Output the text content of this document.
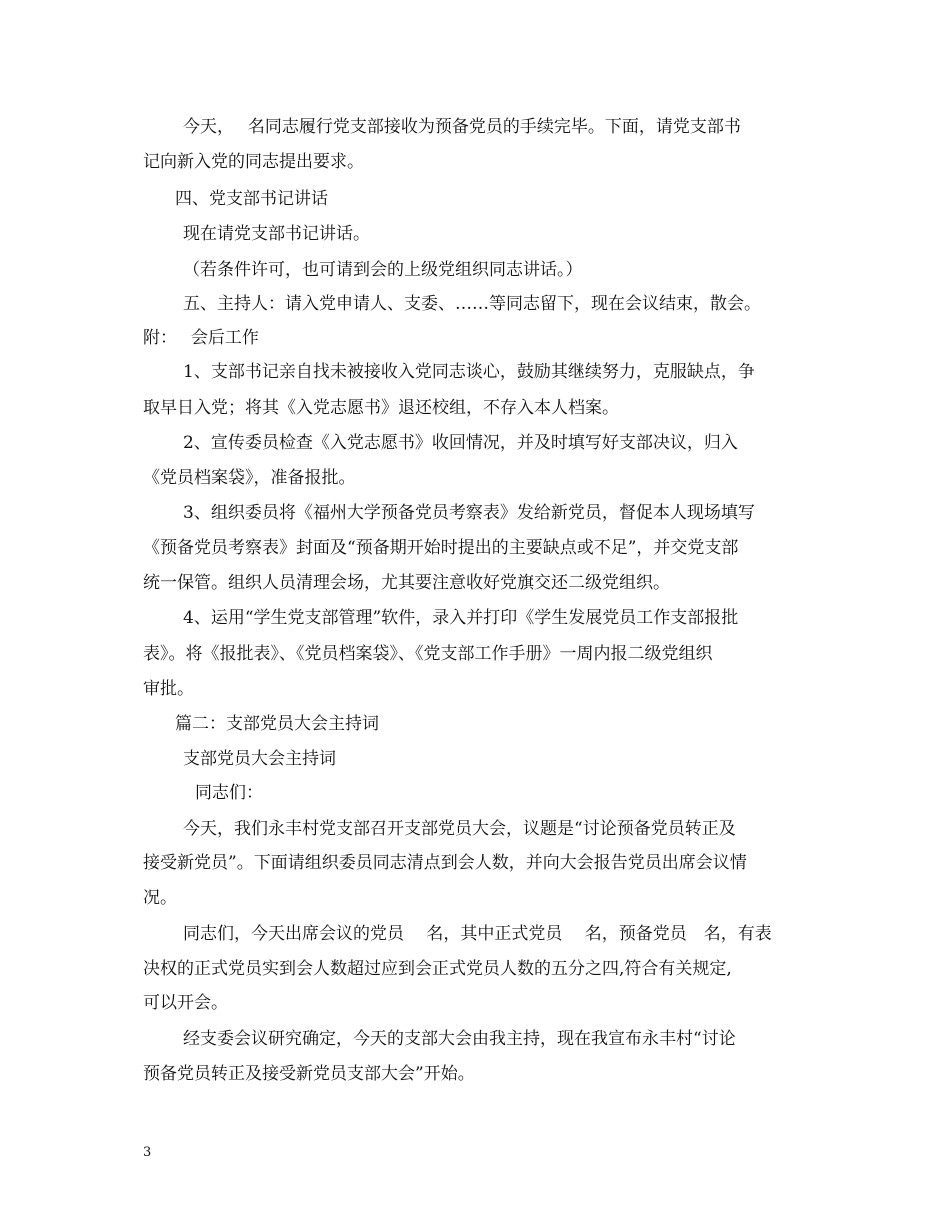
今天，　 名同志履行党支部接收为预备党员的手续完毕。下面，请党支部书
记向新入党的同志提出要求。
四、党支部书记讲话
现在请党支部书记讲话。
（若条件许可，也可请到会的上级党组织同志讲话。）
五、主持人：请入党申请人、支委、……等同志留下，现在会议结束，散会。
附：　 会后工作
1、支部书记亲自找未被接收入党同志谈心，鼓励其继续努力，克服缺点，争
取早日入党；将其《入党志愿书》退还校组，不存入本人档案。
2、宣传委员检查《入党志愿书》收回情况，并及时填写好支部决议，归入
《党员档案袋》，准备报批。
3、组织委员将《福州大学预备党员考察表》发给新党员，督促本人现场填写
《预备党员考察表》封面及“预备期开始时提出的主要缺点或不足”，并交党支部
统一保管。组织人员清理会场，尤其要注意收好党旗交还二级党组织。
4、运用“学生党支部管理”软件，录入并打印《学生发展党员工作支部报批
表》。将《报批表》、《党员档案袋》、《党支部工作手册》一周内报二级党组织
审批。
篇二：支部党员大会主持词
支部党员大会主持词
同志们：
今天，我们永丰村党支部召开支部党员大会，议题是“讨论预备党员转正及
接受新党员”。下面请组织委员同志清点到会人数，并向大会报告党员出席会议情
况。
同志们，今天出席会议的党员　 名，其中正式党员　 名，预备党员　名，有表
决权的正式党员实到会人数超过应到会正式党员人数的五分之四,符合有关规定,
可以开会。
经支委会议研究确定，今天的支部大会由我主持，现在我宣布永丰村“讨论
预备党员转正及接受新党员支部大会”开始。
3
